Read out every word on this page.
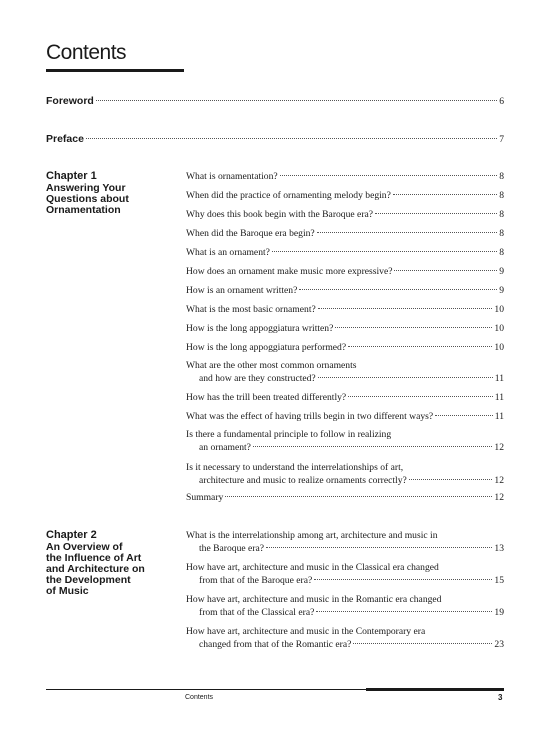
Contents
Foreword	6
Preface	7
Chapter 1
Answering Your
Questions about
Ornamentation
What is ornamentation?	8
When did the practice of ornamenting melody begin?	8
Why does this book begin with the Baroque era?	8
When did the Baroque era begin?	8
What is an ornament?	8
How does an ornament make music more expressive?	9
How is an ornament written?	9
What is the most basic ornament?	10
How is the long appoggiatura written?	10
How is the long appoggiatura performed?	10
What are the other most common ornaments
and how are they constructed?	11
How has the trill been treated differently?	11
What was the effect of having trills begin in two different ways?	11
Is there a fundamental principle to follow in realizing
an ornament?	12
Is it necessary to understand the interrelationships of art,
architecture and music to realize ornaments correctly?	12
Summary	12
Chapter 2
An Overview of
the Influence of Art
and Architecture on
the Development
of Music
What is the interrelationship among art, architecture and music in
the Baroque era?	13
How have art, architecture and music in the Classical era changed
from that of the Baroque era?	15
How have art, architecture and music in the Romantic era changed
from that of the Classical era?	19
How have art, architecture and music in the Contemporary era
changed from that of the Romantic era?	23
Contents	3
